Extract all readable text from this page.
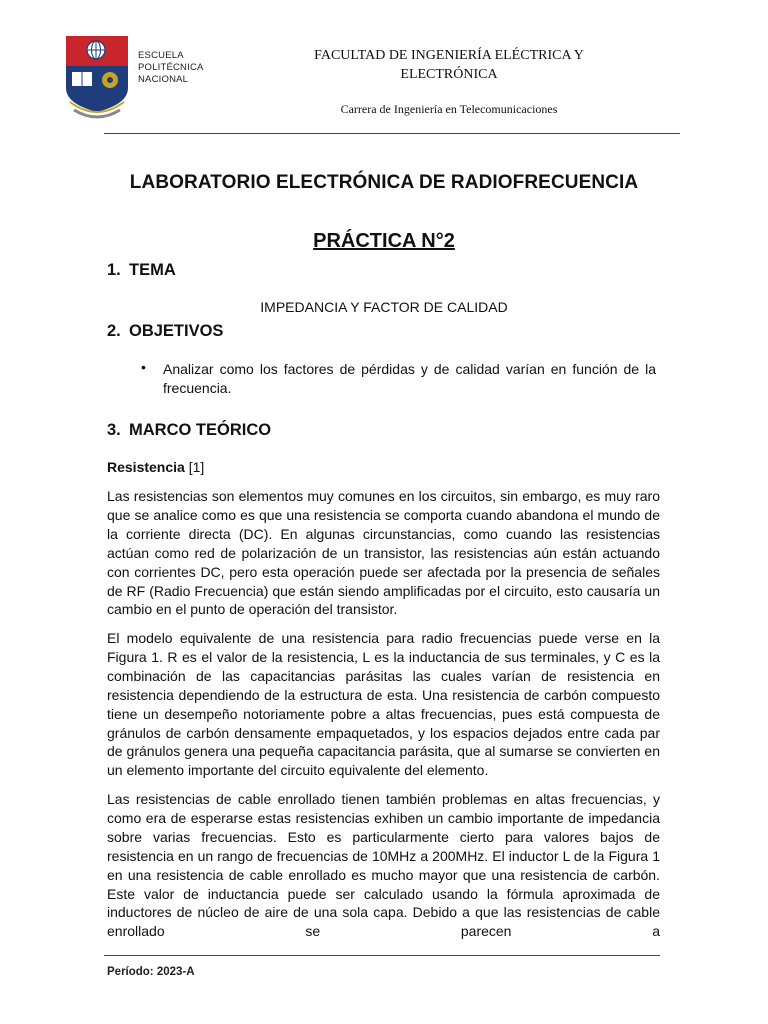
ESCUELA
POLITÉCNICA
NACIONAL
FACULTAD DE INGENIERÍA ELÉCTRICA Y
ELECTRÓNICA
Carrera de Ingeniería en Telecomunicaciones
LABORATORIO ELECTRÓNICA DE RADIOFRECUENCIA
PRÁCTICA N°2
1. TEMA
IMPEDANCIA Y FACTOR DE CALIDAD
2. OBJETIVOS
• Analizar como los factores de pérdidas y de calidad varían en función de la frecuencia.
3. MARCO TEÓRICO
Resistencia [1]
Las resistencias son elementos muy comunes en los circuitos, sin embargo, es muy raro que se analice como es que una resistencia se comporta cuando abandona el mundo de la corriente directa (DC). En algunas circunstancias, como cuando las resistencias actúan como red de polarización de un transistor, las resistencias aún están actuando con corrientes DC, pero esta operación puede ser afectada por la presencia de señales de RF (Radio Frecuencia) que están siendo amplificadas por el circuito, esto causaría un cambio en el punto de operación del transistor.
El modelo equivalente de una resistencia para radio frecuencias puede verse en la Figura 1. R es el valor de la resistencia, L es la inductancia de sus terminales, y C es la combinación de las capacitancias parásitas las cuales varían de resistencia en resistencia dependiendo de la estructura de esta. Una resistencia de carbón compuesto tiene un desempeño notoriamente pobre a altas frecuencias, pues está compuesta de gránulos de carbón densamente empaquetados, y los espacios dejados entre cada par de gránulos genera una pequeña capacitancia parásita, que al sumarse se convierten en un elemento importante del circuito equivalente del elemento.
Las resistencias de cable enrollado tienen también problemas en altas frecuencias, y como era de esperarse estas resistencias exhiben un cambio importante de impedancia sobre varias frecuencias. Esto es particularmente cierto para valores bajos de resistencia en un rango de frecuencias de 10MHz a 200MHz. El inductor L de la Figura 1 en una resistencia de cable enrollado es mucho mayor que una resistencia de carbón. Este valor de inductancia puede ser calculado usando la fórmula aproximada de inductores de núcleo de aire de una sola capa. Debido a que las resistencias de cable enrollado se parecen a
Período: 2023-A
